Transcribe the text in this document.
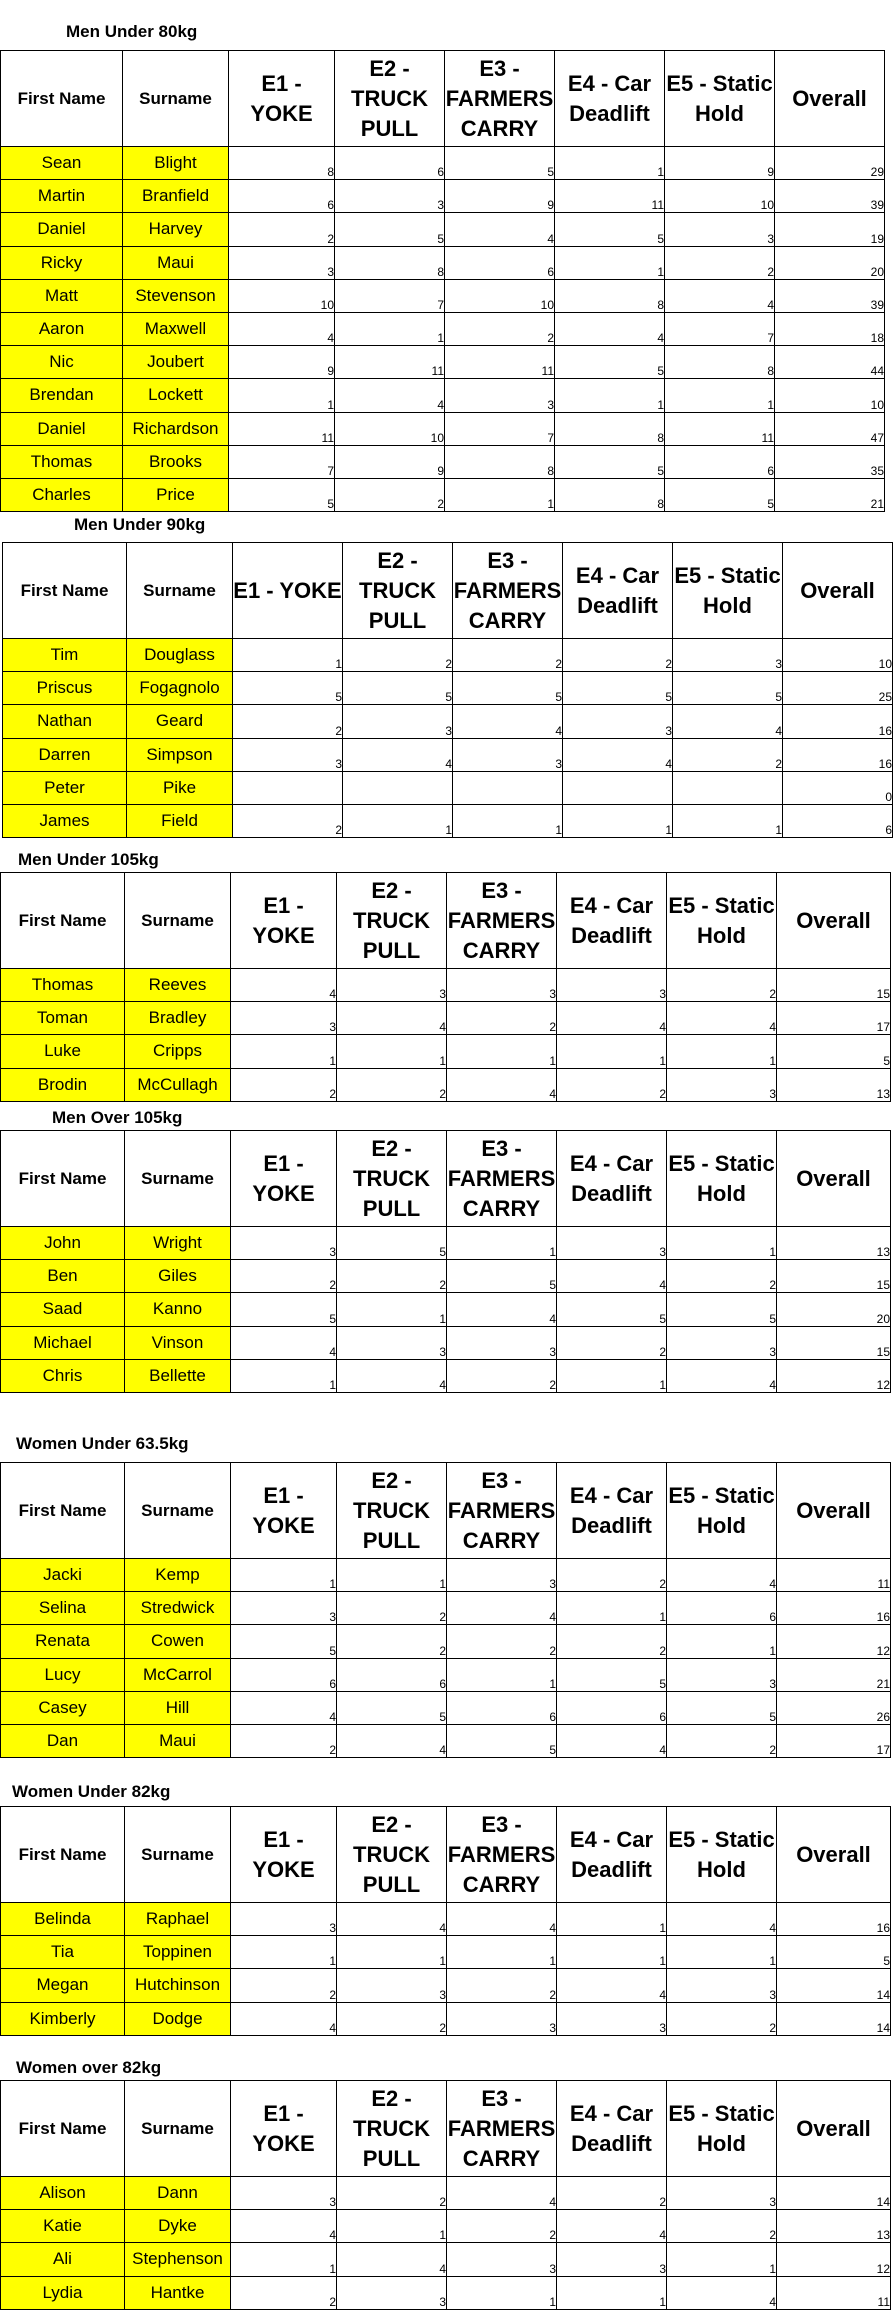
Men Under 80kg
First Name	Surname	E1 - YOKE	E2 - TRUCK PULL	E3 - FARMERS CARRY	E4 - Car Deadlift	E5 - Static Hold	Overall
Sean	Blight	8	6	5	1	9	29
Martin	Branfield	6	3	9	11	10	39
Daniel	Harvey	2	5	4	5	3	19
Ricky	Maui	3	8	6	1	2	20
Matt	Stevenson	10	7	10	8	4	39
Aaron	Maxwell	4	1	2	4	7	18
Nic	Joubert	9	11	11	5	8	44
Brendan	Lockett	1	4	3	1	1	10
Daniel	Richardson	11	10	7	8	11	47
Thomas	Brooks	7	9	8	5	6	35
Charles	Price	5	2	1	8	5	21
Men Under 90kg
First Name	Surname	E1 - YOKE	E2 - TRUCK PULL	E3 - FARMERS CARRY	E4 - Car Deadlift	E5 - Static Hold	Overall
Tim	Douglass	1	2	2	2	3	10
Priscus	Fogagnolo	5	5	5	5	5	25
Nathan	Geard	2	3	4	3	4	16
Darren	Simpson	3	4	3	4	2	16
Peter	Pike						0
James	Field	2	1	1	1	1	6
Men Under 105kg
First Name	Surname	E1 - YOKE	E2 - TRUCK PULL	E3 - FARMERS CARRY	E4 - Car Deadlift	E5 - Static Hold	Overall
Thomas	Reeves	4	3	3	3	2	15
Toman	Bradley	3	4	2	4	4	17
Luke	Cripps	1	1	1	1	1	5
Brodin	McCullagh	2	2	4	2	3	13
Men Over 105kg
First Name	Surname	E1 - YOKE	E2 - TRUCK PULL	E3 - FARMERS CARRY	E4 - Car Deadlift	E5 - Static Hold	Overall
John	Wright	3	5	1	3	1	13
Ben	Giles	2	2	5	4	2	15
Saad	Kanno	5	1	4	5	5	20
Michael	Vinson	4	3	3	2	3	15
Chris	Bellette	1	4	2	1	4	12
Women Under 63.5kg
First Name	Surname	E1 - YOKE	E2 - TRUCK PULL	E3 - FARMERS CARRY	E4 - Car Deadlift	E5 - Static Hold	Overall
Jacki	Kemp	1	1	3	2	4	11
Selina	Stredwick	3	2	4	1	6	16
Renata	Cowen	5	2	2	2	1	12
Lucy	McCarrol	6	6	1	5	3	21
Casey	Hill	4	5	6	6	5	26
Dan	Maui	2	4	5	4	2	17
Women Under 82kg
First Name	Surname	E1 - YOKE	E2 - TRUCK PULL	E3 - FARMERS CARRY	E4 - Car Deadlift	E5 - Static Hold	Overall
Belinda	Raphael	3	4	4	1	4	16
Tia	Toppinen	1	1	1	1	1	5
Megan	Hutchinson	2	3	2	4	3	14
Kimberly	Dodge	4	2	3	3	2	14
Women over 82kg
First Name	Surname	E1 - YOKE	E2 - TRUCK PULL	E3 - FARMERS CARRY	E4 - Car Deadlift	E5 - Static Hold	Overall
Alison	Dann	3	2	4	2	3	14
Katie	Dyke	4	1	2	4	2	13
Ali	Stephenson	1	4	3	3	1	12
Lydia	Hantke	2	3	1	1	4	11
